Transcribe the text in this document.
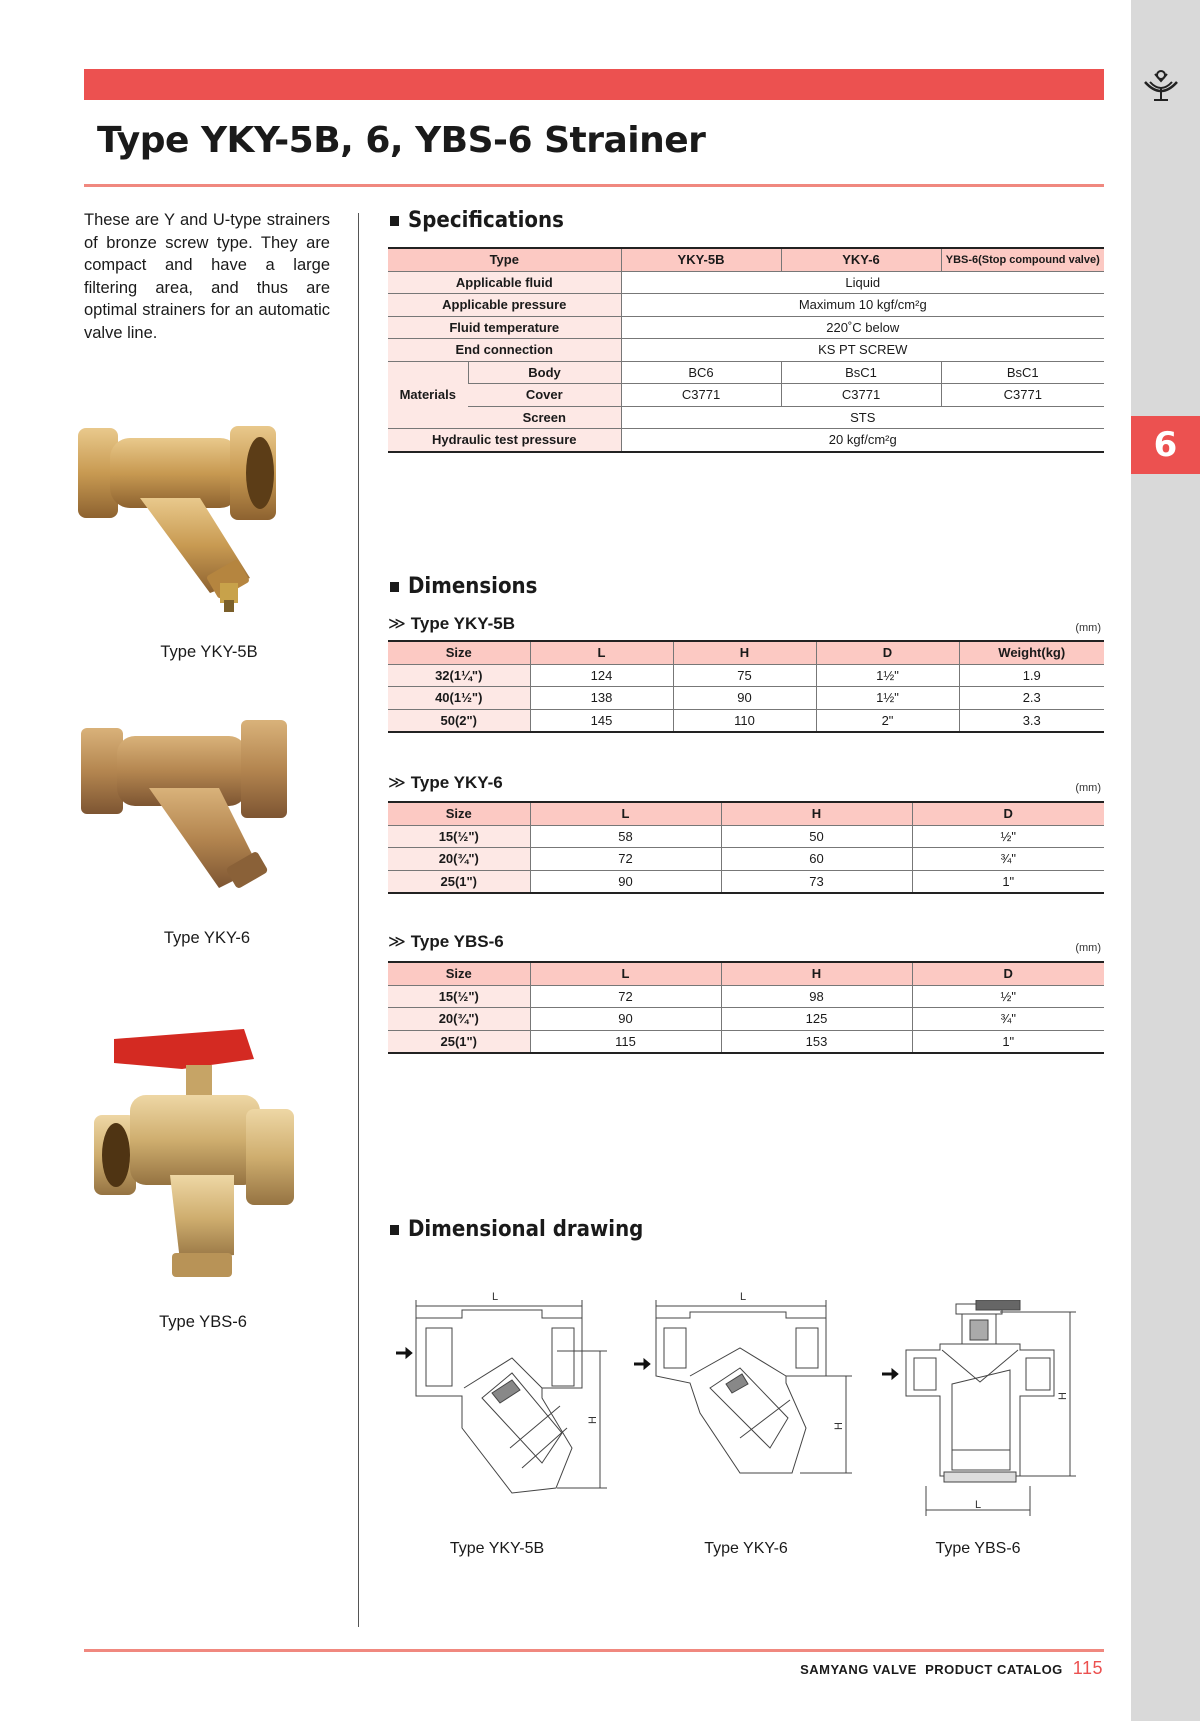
6
Type YKY-5B, 6, YBS-6 Strainer

These are Y and U-type strainers of bronze screw type. They are compact and have a large filtering area, and thus are optimal strainers for an automatic valve line.

Type YKY-5B
Type YKY-6
Type YBS-6
Specifications
Type		YKY-5B	YKY-6	YBS-6(Stop compound valve)
Applicable fluid		Liquid		
Applicable pressure		Maximum 10 kgf/cm²g		
Fluid temperature		220˚C below		
End connection		KS PT SCREW		
Materials	Body	BC6	BsC1	BsC1
	Cover	C3771	C3771	C3771
	Screen	STS		
Hydraulic test pressure		20 kgf/cm²g		
Dimensions
≫ Type YKY-5B	(mm)
Size	L	H	D	Weight(kg)
32(1¼")	124	75	1½"	1.9
40(1½")	138	90	1½"	2.3
50(2")	145	110	2"	3.3
≫ Type YKY-6	(mm)
Size	L	H	D
15(½")	58	50	½"
20(¾")	72	60	¾"
25(1")	90	73	1"
≫ Type YBS-6	(mm)
Size	L	H	D
15(½")	72	98	½"
20(¾")	90	125	¾"
25(1")	115	153	1"
Dimensional drawing
L
H
Type YKY-5B
L
H
Type YKY-6
L
H
Type YBS-6
SAMYANG VALVE  PRODUCT CATALOG 115
